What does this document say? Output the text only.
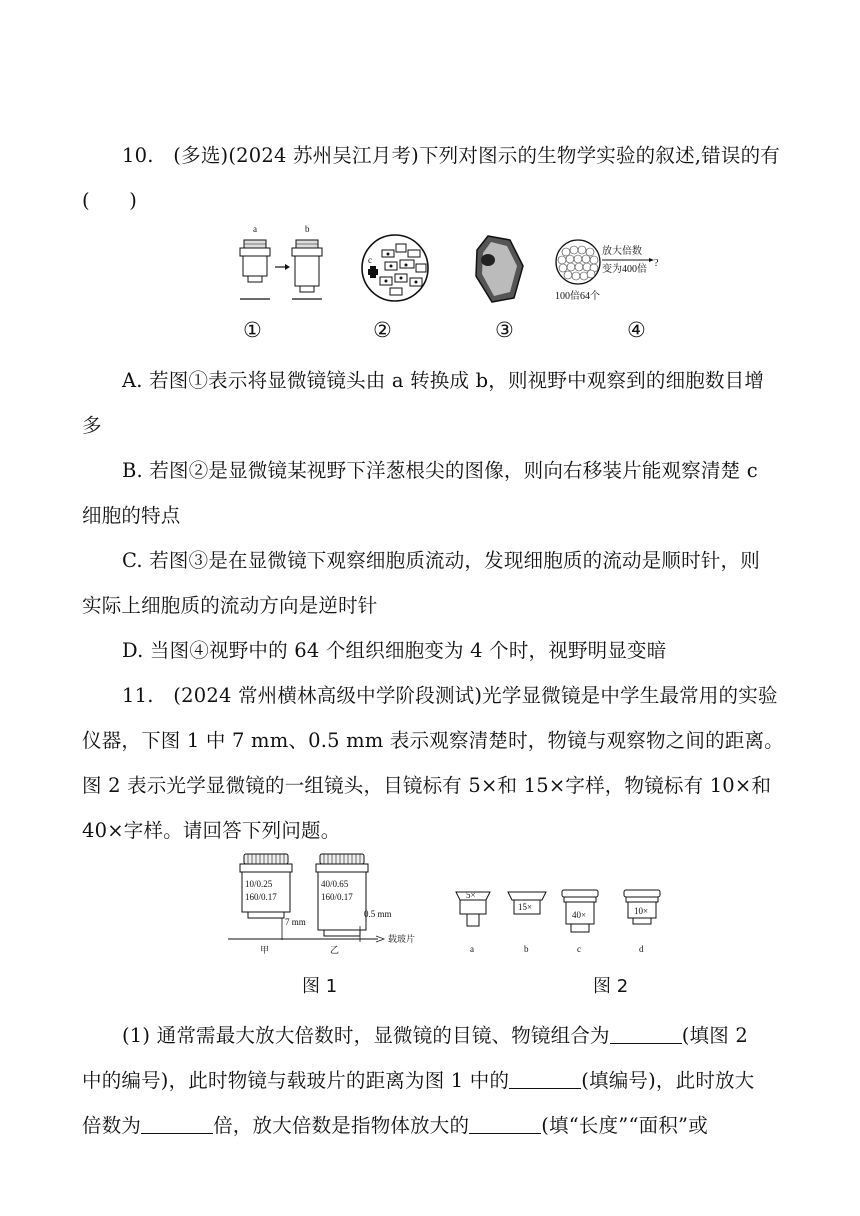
10.　(多选)(2024 苏州吴江月考)下列对图示的生物学实验的叙述,错误的有
(　　)
a	b
c
放大倍数
变为400倍
?
100倍64个
①	②	③	④
A. 若图①表示将显微镜镜头由 a 转换成 b，则视野中观察到的细胞数目增
多
B. 若图②是显微镜某视野下洋葱根尖的图像，则向右移装片能观察清楚 c
细胞的特点
C. 若图③是在显微镜下观察细胞质流动，发现细胞质的流动是顺时针，则
实际上细胞质的流动方向是逆时针
D. 当图④视野中的 64 个组织细胞变为 4 个时，视野明显变暗
11.　(2024 常州横林高级中学阶段测试)光学显微镜是中学生最常用的实验
仪器，下图 1 中 7 mm、0.5 mm 表示观察清楚时，物镜与观察物之间的距离。
图 2 表示光学显微镜的一组镜头，目镜标有 5×和 15×字样，物镜标有 10×和
40×字样。请回答下列问题。
10/0.25
160/0.17
7 mm
40/0.65
160/0.17
0.5 mm
载玻片
甲	乙
图 1
5×
a
15×
b
40×
c
10×
d
图 2
(1) 通常需最大放大倍数时，显微镜的目镜、物镜组合为	(填图 2
中的编号)，此时物镜与载玻片的距离为图 1 中的	(填编号)，此时放大
倍数为	倍，放大倍数是指物体放大的	(填“长度”“面积”或
